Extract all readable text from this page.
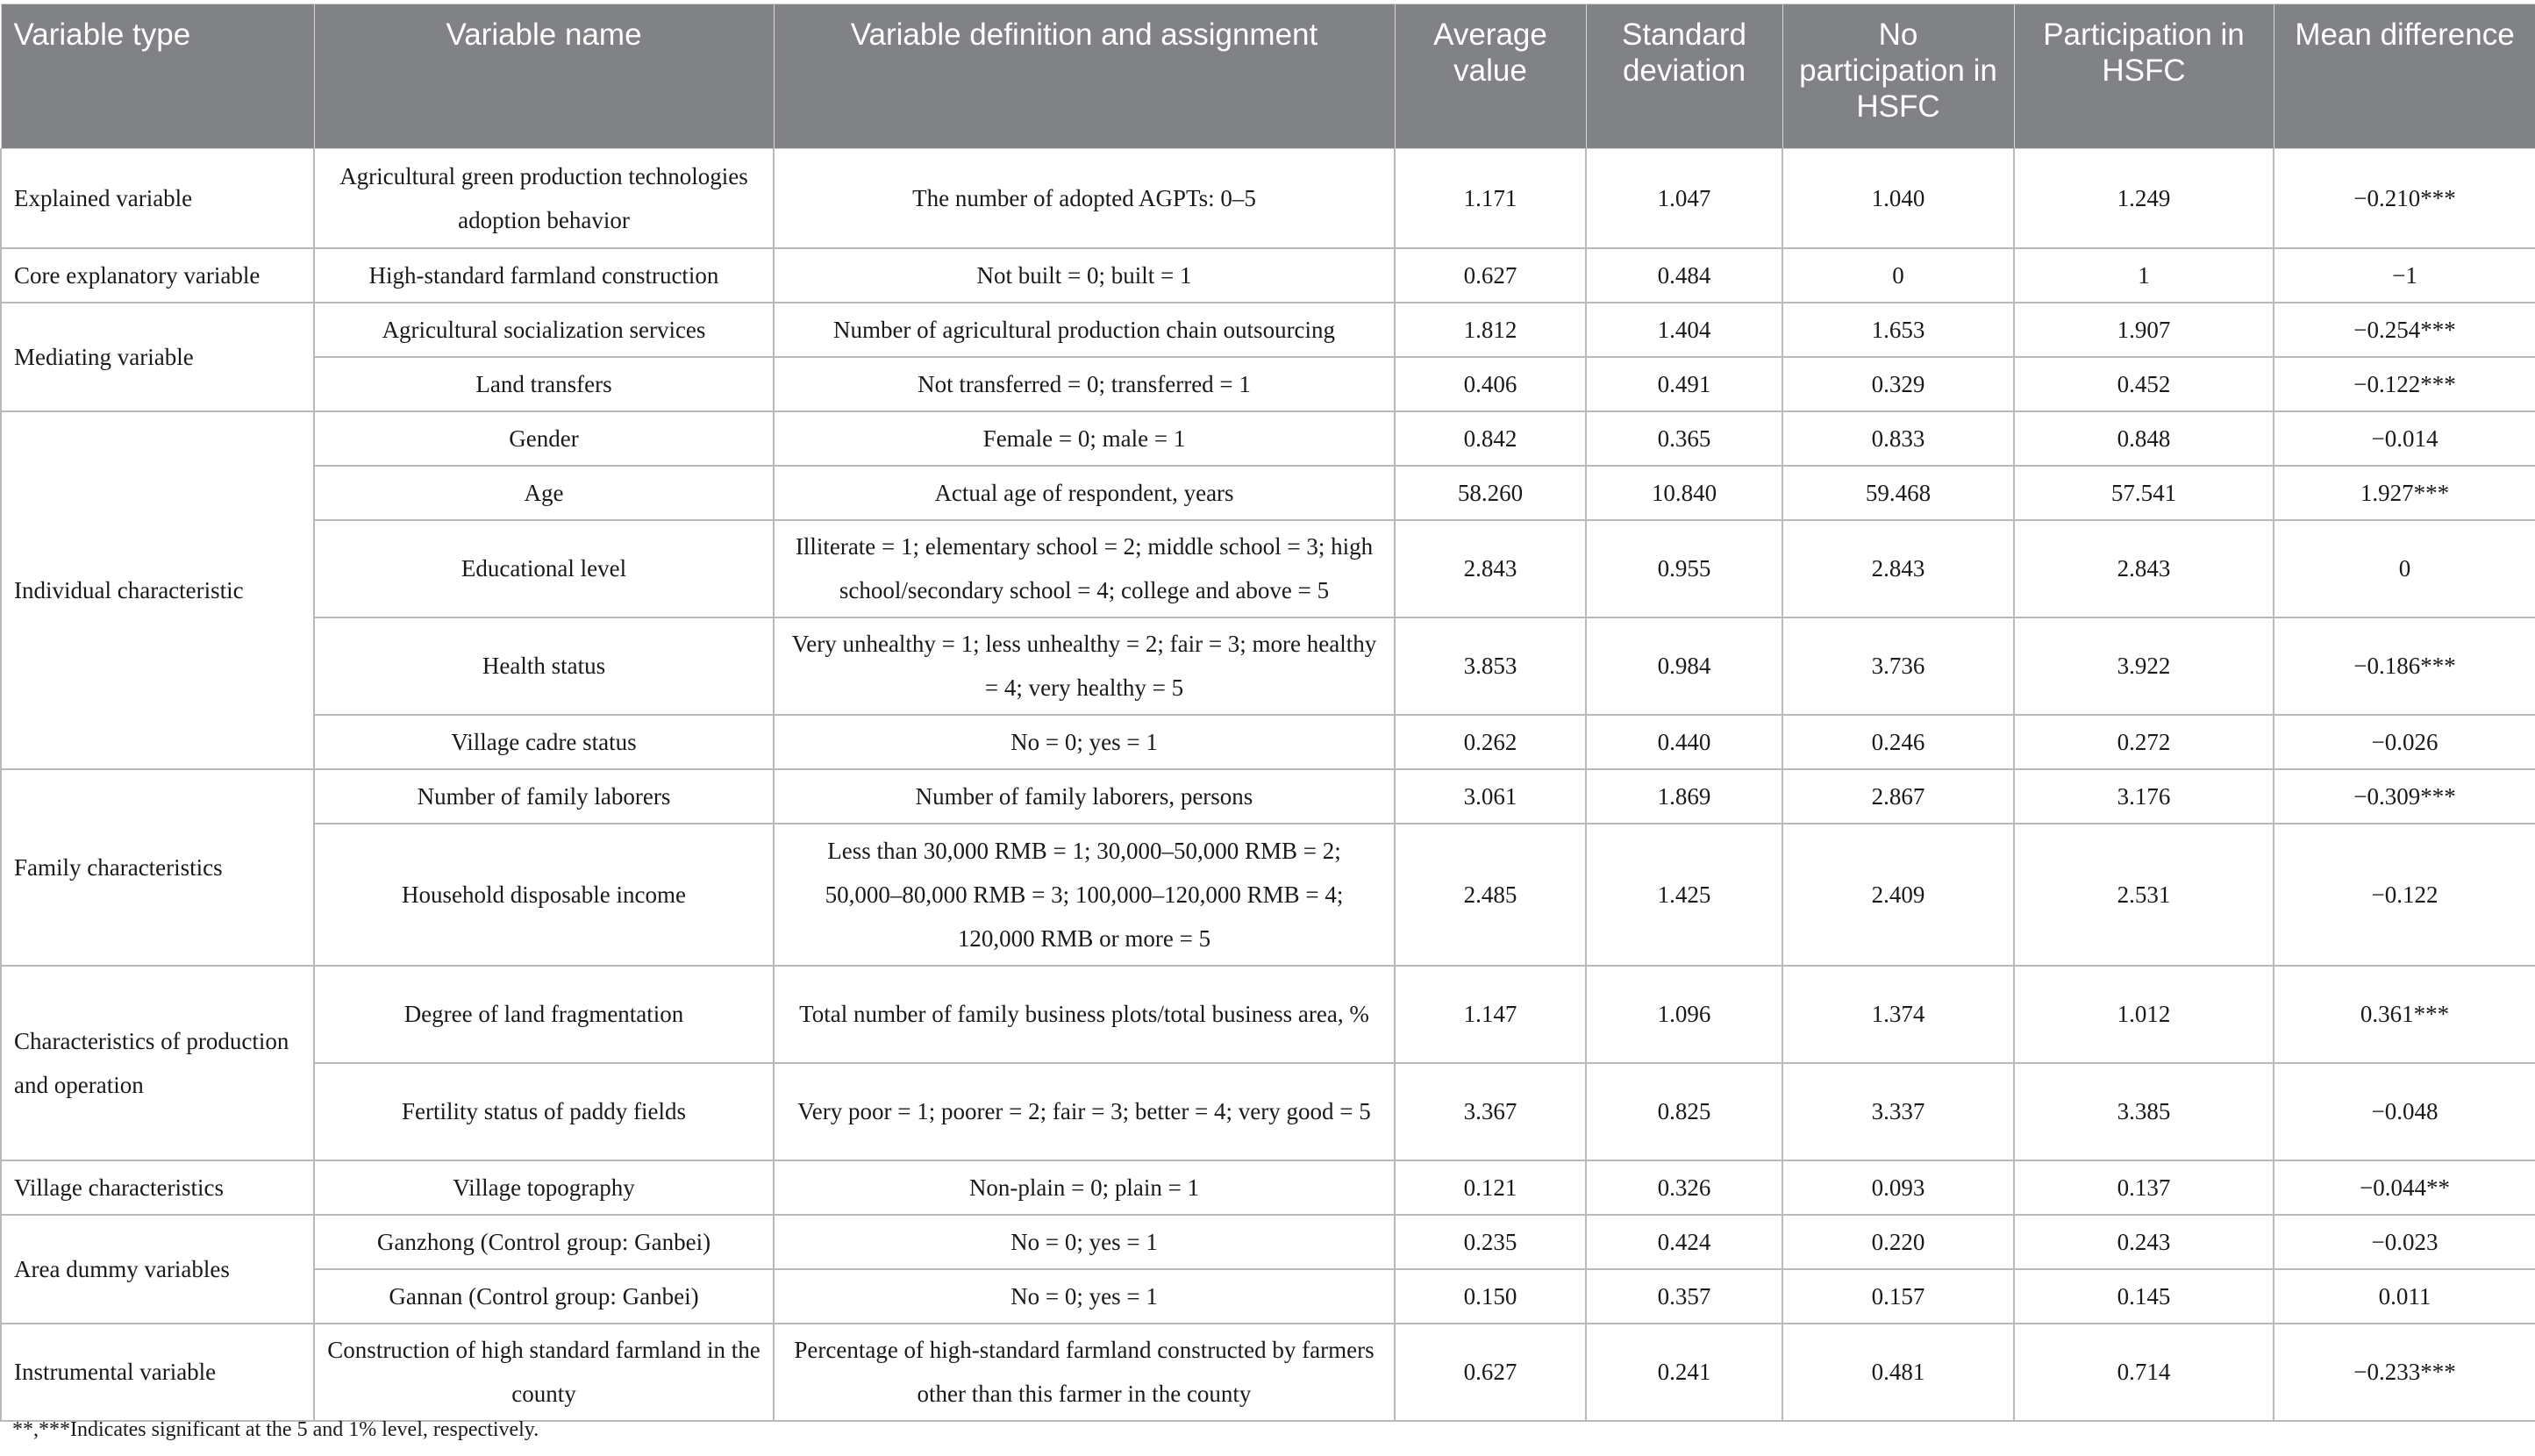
Variable type	Variable name	Variable definition and assignment	Average value	Standard deviation	No participation in HSFC	Participation in HSFC	Mean difference
Explained variable	Agricultural green production technologies adoption behavior	The number of adopted AGPTs: 0–5	1.171	1.047	1.040	1.249	−0.210***
Core explanatory variable	High-standard farmland construction	Not built = 0; built = 1	0.627	0.484	0	1	−1
Mediating variable	Agricultural socialization services	Number of agricultural production chain outsourcing	1.812	1.404	1.653	1.907	−0.254***
	Land transfers	Not transferred = 0; transferred = 1	0.406	0.491	0.329	0.452	−0.122***
Individual characteristic	Gender	Female = 0; male = 1	0.842	0.365	0.833	0.848	−0.014
	Age	Actual age of respondent, years	58.260	10.840	59.468	57.541	1.927***
	Educational level	Illiterate = 1; elementary school = 2; middle school = 3; high school/secondary school = 4; college and above = 5	2.843	0.955	2.843	2.843	0
	Health status	Very unhealthy = 1; less unhealthy = 2; fair = 3; more healthy = 4; very healthy = 5	3.853	0.984	3.736	3.922	−0.186***
	Village cadre status	No = 0; yes = 1	0.262	0.440	0.246	0.272	−0.026
Family characteristics	Number of family laborers	Number of family laborers, persons	3.061	1.869	2.867	3.176	−0.309***
	Household disposable income	Less than 30,000 RMB = 1; 30,000–50,000 RMB = 2; 50,000–80,000 RMB = 3; 100,000–120,000 RMB = 4; 120,000 RMB or more = 5	2.485	1.425	2.409	2.531	−0.122
Characteristics of production and operation	Degree of land fragmentation	Total number of family business plots/total business area, %	1.147	1.096	1.374	1.012	0.361***
	Fertility status of paddy fields	Very poor = 1; poorer = 2; fair = 3; better = 4; very good = 5	3.367	0.825	3.337	3.385	−0.048
Village characteristics	Village topography	Non-plain = 0; plain = 1	0.121	0.326	0.093	0.137	−0.044**
Area dummy variables	Ganzhong (Control group: Ganbei)	No = 0; yes = 1	0.235	0.424	0.220	0.243	−0.023
	Gannan (Control group: Ganbei)	No = 0; yes = 1	0.150	0.357	0.157	0.145	0.011
Instrumental variable	Construction of high standard farmland in the county	Percentage of high-standard farmland constructed by farmers other than this farmer in the county	0.627	0.241	0.481	0.714	−0.233***
**,***Indicates significant at the 5 and 1% level, respectively.
